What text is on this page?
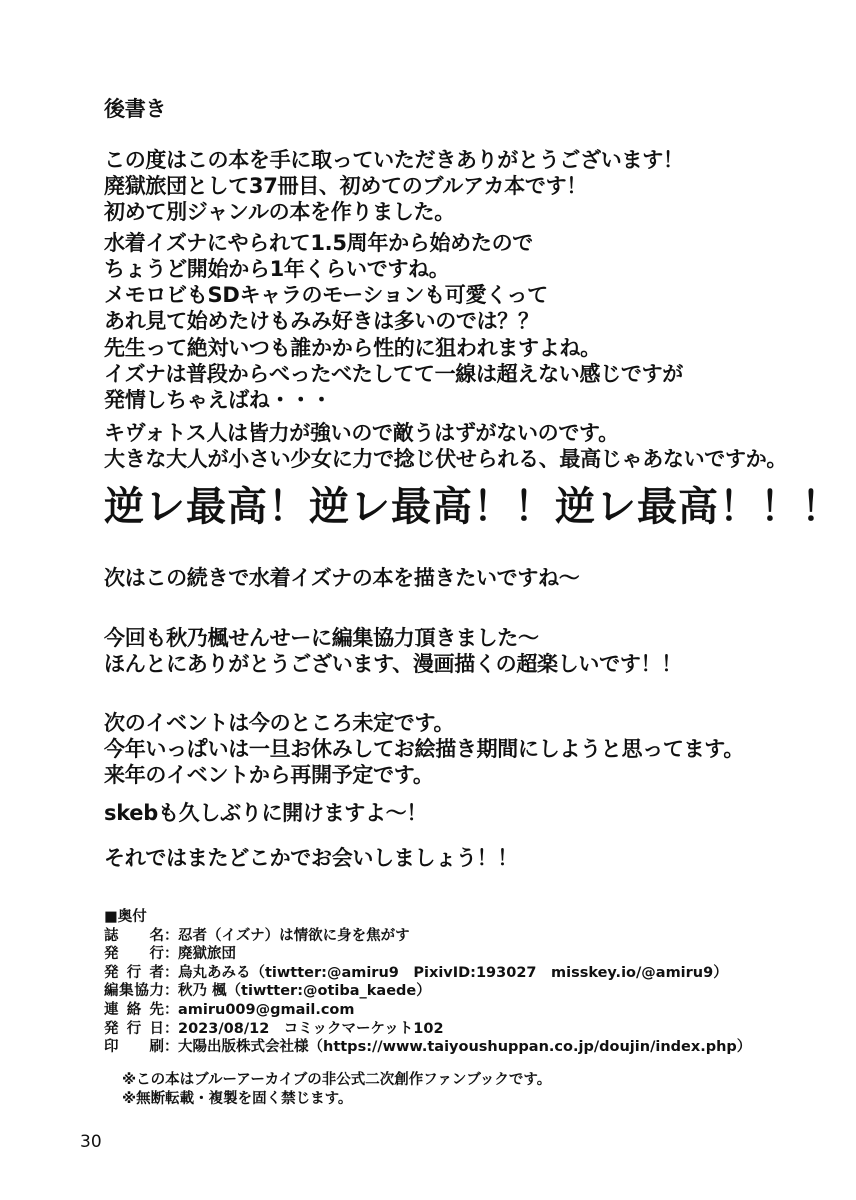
後書き
この度はこの本を手に取っていただきありがとうございます！
廃獄旅団として37冊目、初めてのブルアカ本です！
初めて別ジャンルの本を作りました。
水着イズナにやられて1.5周年から始めたので
ちょうど開始から1年くらいですね。
メモロビもSDキャラのモーションも可愛くって
あれ見て始めたけもみみ好きは多いのでは？？
先生って絶対いつも誰かから性的に狙われますよね。
イズナは普段からべったべたしてて一線は超えない感じですが
発情しちゃえばね・・・
キヴォトス人は皆力が強いので敵うはずがないのです。
大きな大人が小さい少女に力で捻じ伏せられる、最高じゃあないですか。
逆レ最高！逆レ最高！！逆レ最高！！！
次はこの続きで水着イズナの本を描きたいですね～
今回も秋乃楓せんせーに編集協力頂きました～
ほんとにありがとうございます、漫画描くの超楽しいです！！
次のイベントは今のところ未定です。
今年いっぱいは一旦お休みしてお絵描き期間にしようと思ってます。
来年のイベントから再開予定です。
skebも久しぶりに開けますよ～！
それではまたどこかでお会いしましょう！！
■奥付
誌　名 ： 忍者（イズナ）は情欲に身を焦がす
発　行 ： 廃獄旅団
発行者 ： 烏丸あみる（tiwtter:@amiru9　PixivID:193027　misskey.io/@amiru9）
編集協力 ： 秋乃 楓（tiwtter:@otiba_kaede）
連絡先 ： amiru009@gmail.com
発行日 ： 2023/08/12　コミックマーケット102
印　刷 ： 大陽出版株式会社様（https://www.taiyoushuppan.co.jp/doujin/index.php）
※この本はブルーアーカイブの非公式二次創作ファンブックです。
※無断転載・複製を固く禁じます。
30
